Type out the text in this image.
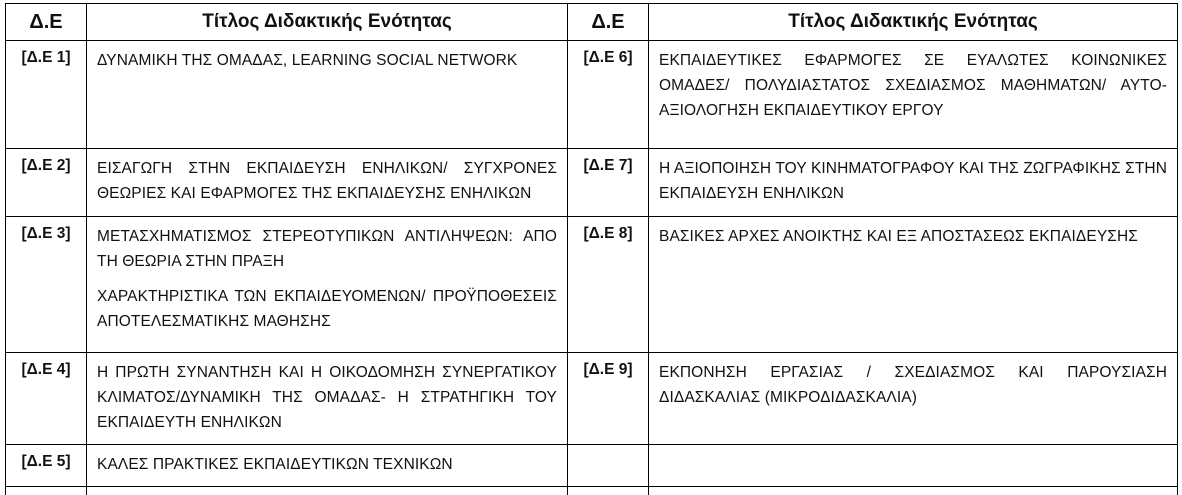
Δ.Ε	Τίτλος Διδακτικής Ενότητας	Δ.Ε	Τίτλος Διδακτικής Ενότητας
[Δ.Ε 1]	ΔΥΝΑΜΙΚΗ ΤΗΣ ΟΜΑΔΑΣ, LEARNING SOCIAL NETWORK	[Δ.Ε 6]	ΕΚΠΑΙΔΕΥΤΙΚΕΣ ΕΦΑΡΜΟΓΕΣ ΣΕ ΕΥΑΛΩΤΕΣ ΚΟΙΝΩΝΙΚΕΣ ΟΜΑΔΕΣ/ ΠΟΛΥΔΙΑΣΤΑΤΟΣ ΣΧΕΔΙΑΣΜΟΣ ΜΑΘΗΜΑΤΩΝ/ ΑΥΤΟ-ΑΞΙΟΛΟΓΗΣΗ ΕΚΠΑΙΔΕΥΤΙΚΟΥ ΕΡΓΟΥ

[Δ.Ε 2]	ΕΙΣΑΓΩΓΗ ΣΤΗΝ ΕΚΠΑΙΔΕΥΣΗ ΕΝΗΛΙΚΩΝ/ ΣΥΓΧΡΟΝΕΣ ΘΕΩΡΙΕΣ ΚΑΙ ΕΦΑΡΜΟΓΕΣ ΤΗΣ ΕΚΠΑΙΔΕΥΣΗΣ ΕΝΗΛΙΚΩΝ	[Δ.Ε 7]	Η ΑΞΙΟΠΟΙΗΣΗ ΤΟΥ ΚΙΝΗΜΑΤΟΓΡΑΦΟΥ ΚΑΙ ΤΗΣ ΖΩΓΡΑΦΙΚΗΣ ΣΤΗΝ ΕΚΠΑΙΔΕΥΣΗ ΕΝΗΛΙΚΩΝ

[Δ.Ε 3]	ΜΕΤΑΣΧΗΜΑΤΙΣΜΟΣ ΣΤΕΡΕΟΤΥΠΙΚΩΝ ΑΝΤΙΛΗΨΕΩΝ: ΑΠΟ ΤΗ ΘΕΩΡΙΑ ΣΤΗΝ ΠΡΑΞΗ
ΧΑΡΑΚΤΗΡΙΣΤΙΚΑ ΤΩΝ ΕΚΠΑΙΔΕΥΟΜΕΝΩΝ/ ΠΡΟΫΠΟΘΕΣΕΙΣ ΑΠΟΤΕΛΕΣΜΑΤΙΚΗΣ ΜΑΘΗΣΗΣ	[Δ.Ε 8]	ΒΑΣΙΚΕΣ ΑΡΧΕΣ ΑΝΟΙΚΤΗΣ ΚΑΙ ΕΞ ΑΠΟΣΤΑΣΕΩΣ ΕΚΠΑΙΔΕΥΣΗΣ

[Δ.Ε 4]	Η ΠΡΩΤΗ ΣΥΝΑΝΤΗΣΗ ΚΑΙ Η ΟΙΚΟΔΟΜΗΣΗ ΣΥΝΕΡΓΑΤΙΚΟΥ ΚΛΙΜΑΤΟΣ/ΔΥΝΑΜΙΚΗ ΤΗΣ ΟΜΑΔΑΣ- Η ΣΤΡΑΤΗΓΙΚΗ ΤΟΥ ΕΚΠΑΙΔΕΥΤΗ ΕΝΗΛΙΚΩΝ	[Δ.Ε 9]	ΕΚΠΟΝΗΣΗ ΕΡΓΑΣΙΑΣ / ΣΧΕΔΙΑΣΜΟΣ ΚΑΙ ΠΑΡΟΥΣΙΑΣΗ ΔΙΔΑΣΚΑΛΙΑΣ (ΜΙΚΡΟΔΙΔΑΣΚΑΛΙΑ)

[Δ.Ε 5]	ΚΑΛΕΣ ΠΡΑΚΤΙΚΕΣ ΕΚΠΑΙΔΕΥΤΙΚΩΝ ΤΕΧΝΙΚΩΝ		
